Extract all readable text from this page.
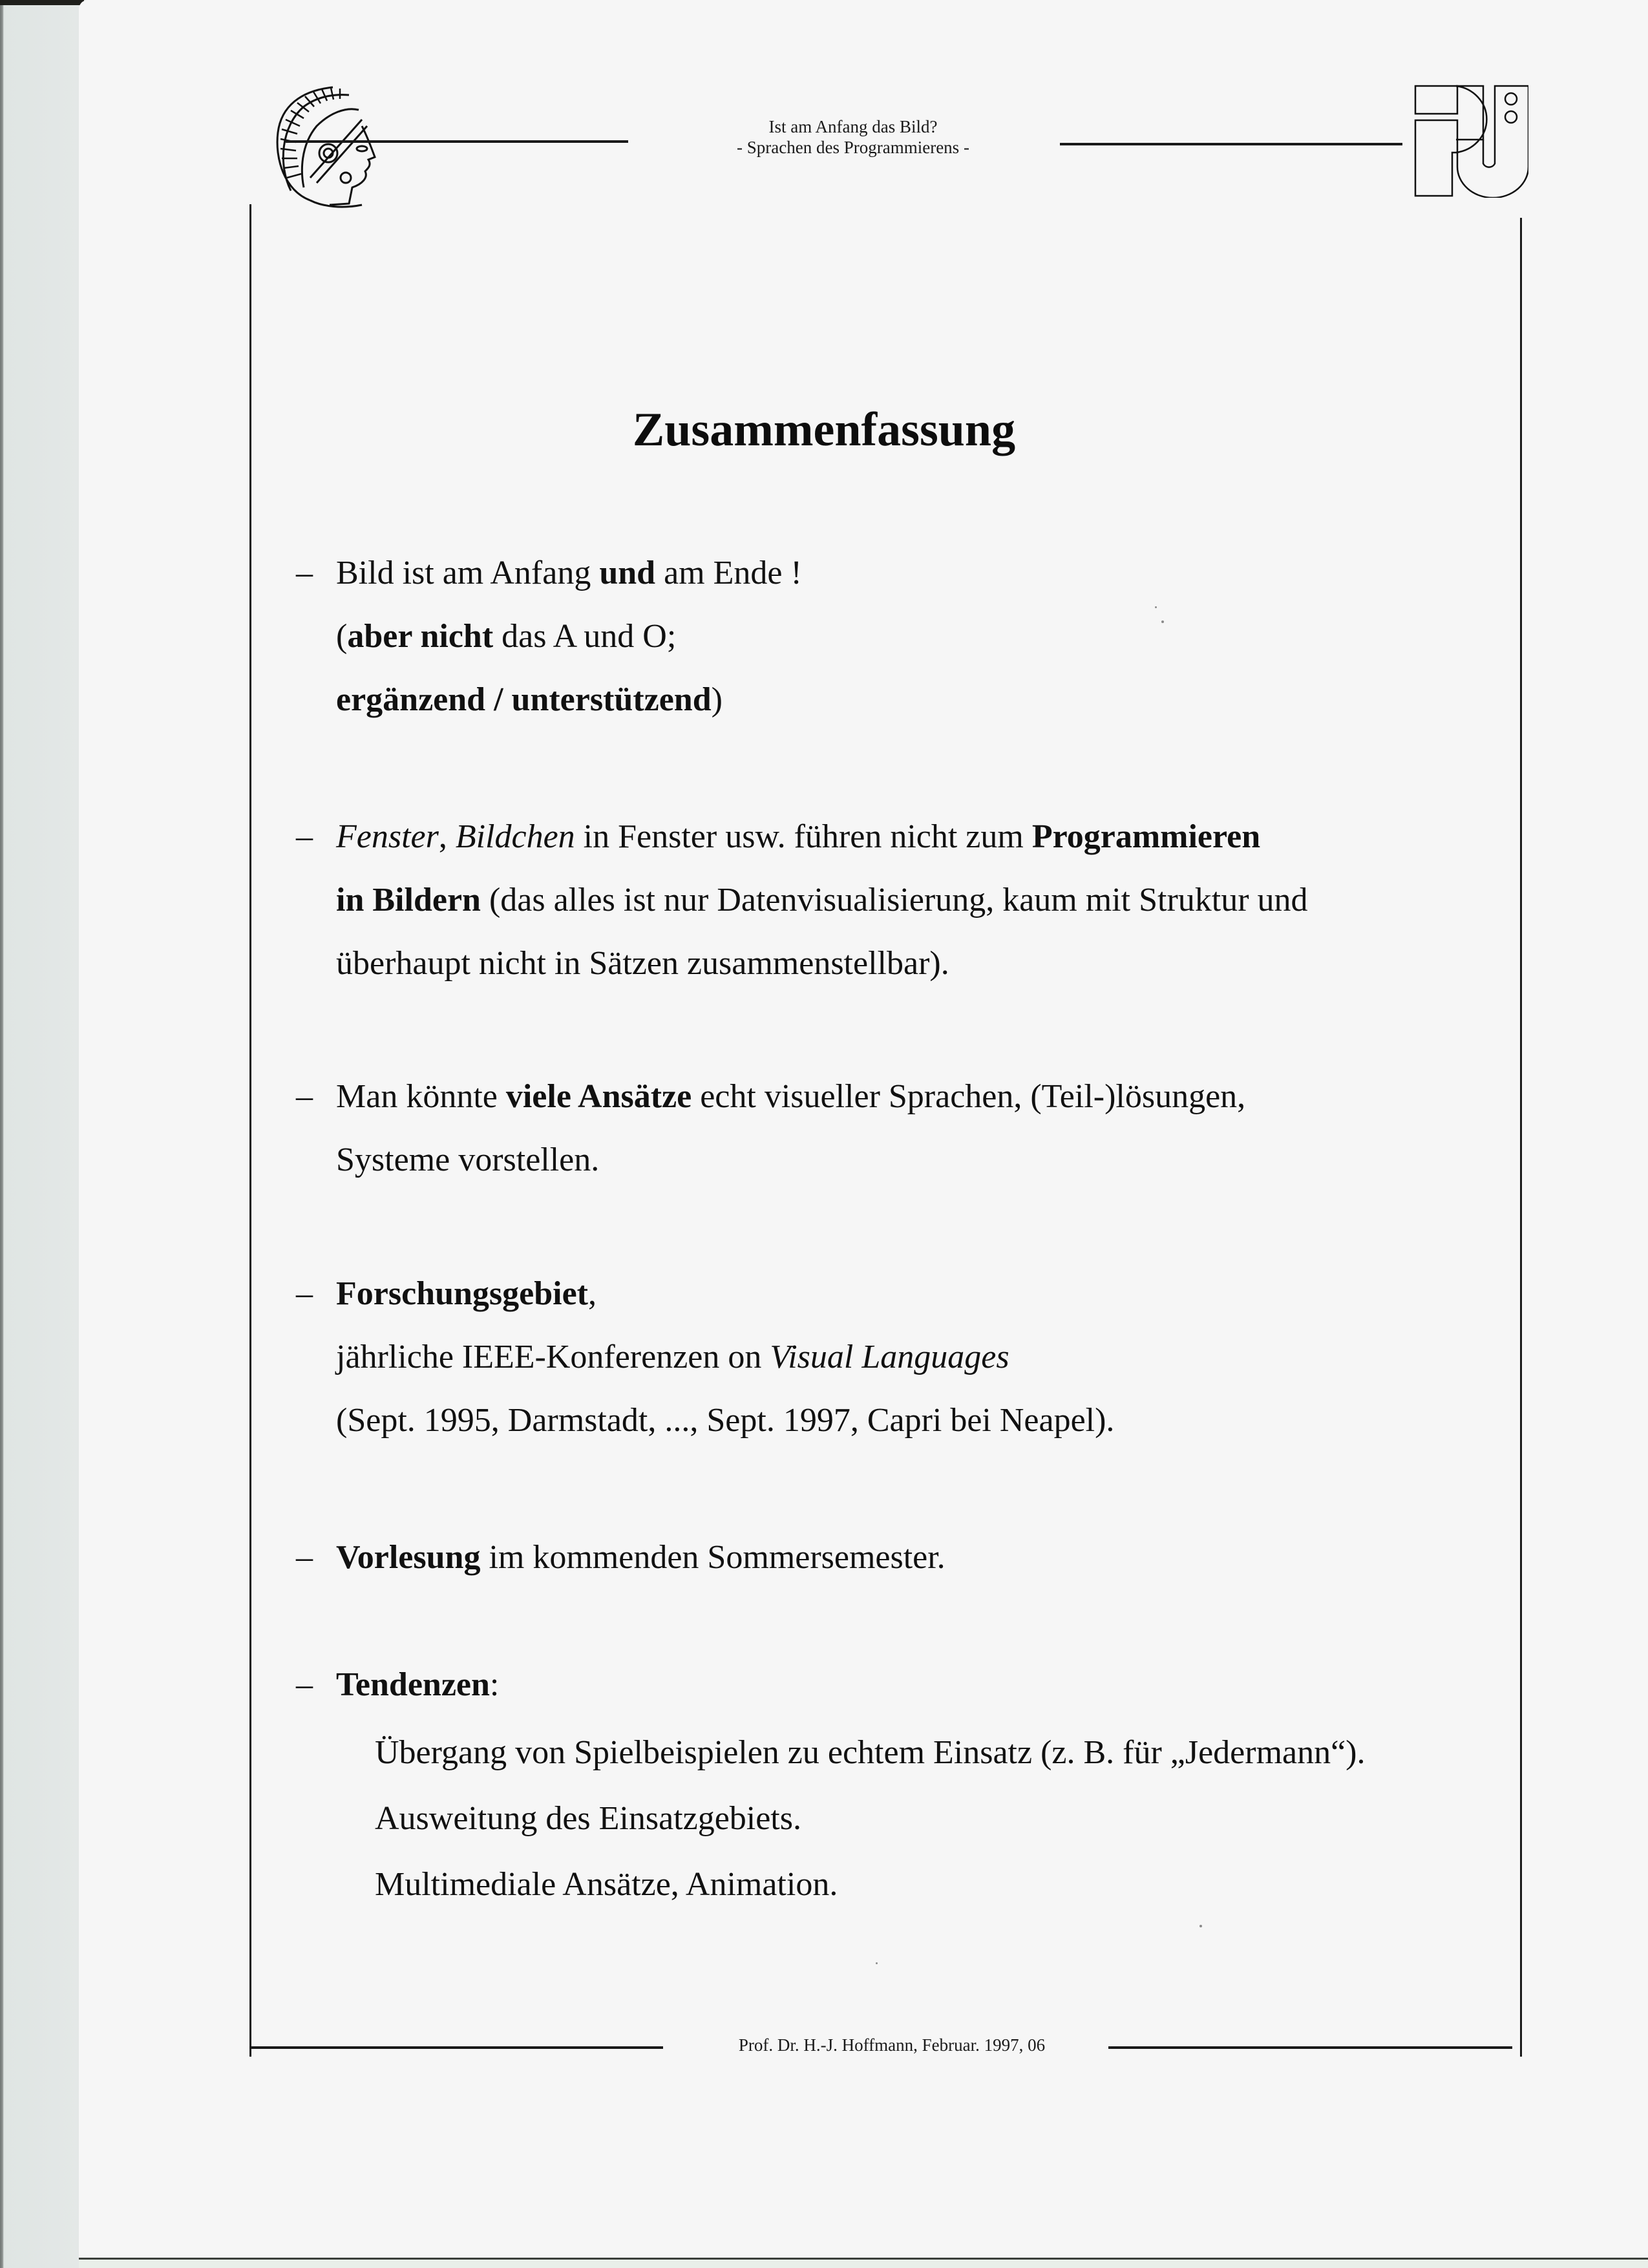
Ist am Anfang das Bild?
- Sprachen des Programmierens -
Zusammenfassung
– Bild ist am Anfang und am Ende !
(aber nicht das A und O;
ergänzend / unterstützend)
– Fenster, Bildchen in Fenster usw. führen nicht zum Programmieren
in Bildern (das alles ist nur Datenvisualisierung, kaum mit Struktur und
überhaupt nicht in Sätzen zusammenstellbar).
– Man könnte viele Ansätze echt visueller Sprachen, (Teil-)lösungen,
Systeme vorstellen.
– Forschungsgebiet,
jährliche IEEE-Konferenzen on Visual Languages
(Sept. 1995, Darmstadt, ..., Sept. 1997, Capri bei Neapel).
– Vorlesung im kommenden Sommersemester.
– Tendenzen:
Übergang von Spielbeispielen zu echtem Einsatz (z. B. für „Jedermann“).
Ausweitung des Einsatzgebiets.
Multimediale Ansätze, Animation.
Prof. Dr. H.-J. Hoffmann, Februar. 1997, 06
